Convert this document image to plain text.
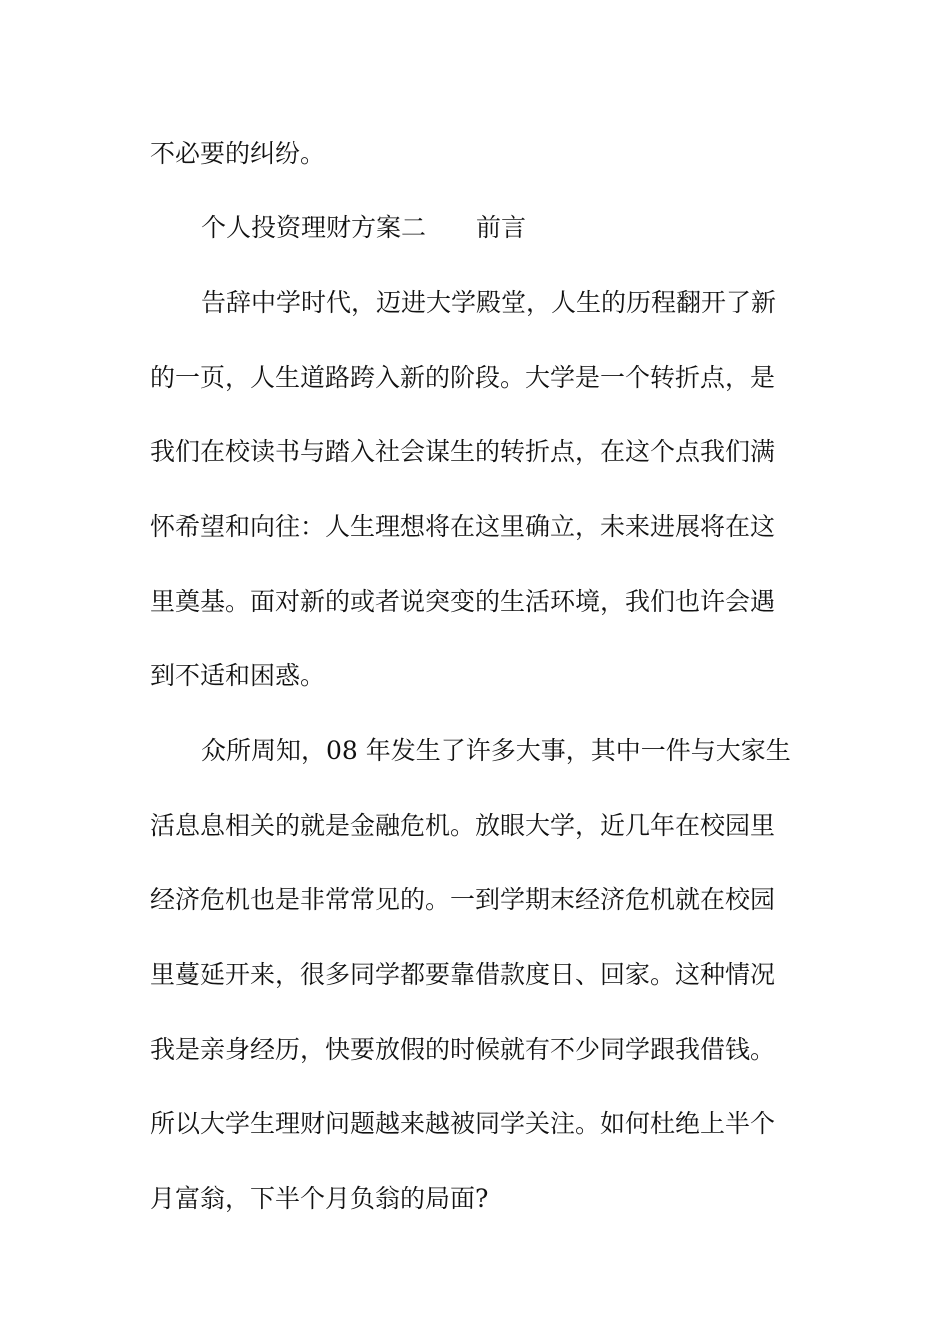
不必要的纠纷。
个人投资理财方案二　　前言
告辞中学时代，迈进大学殿堂，人生的历程翻开了新
的一页，人生道路跨入新的阶段。大学是一个转折点，是
我们在校读书与踏入社会谋生的转折点，在这个点我们满
怀希望和向往：人生理想将在这里确立，未来进展将在这
里奠基。面对新的或者说突变的生活环境，我们也许会遇
到不适和困惑。
众所周知，08 年发生了许多大事，其中一件与大家生
活息息相关的就是金融危机。放眼大学，近几年在校园里
经济危机也是非常常见的。一到学期末经济危机就在校园
里蔓延开来，很多同学都要靠借款度日、回家。这种情况
我是亲身经历，快要放假的时候就有不少同学跟我借钱。
所以大学生理财问题越来越被同学关注。如何杜绝上半个
月富翁，下半个月负翁的局面?
